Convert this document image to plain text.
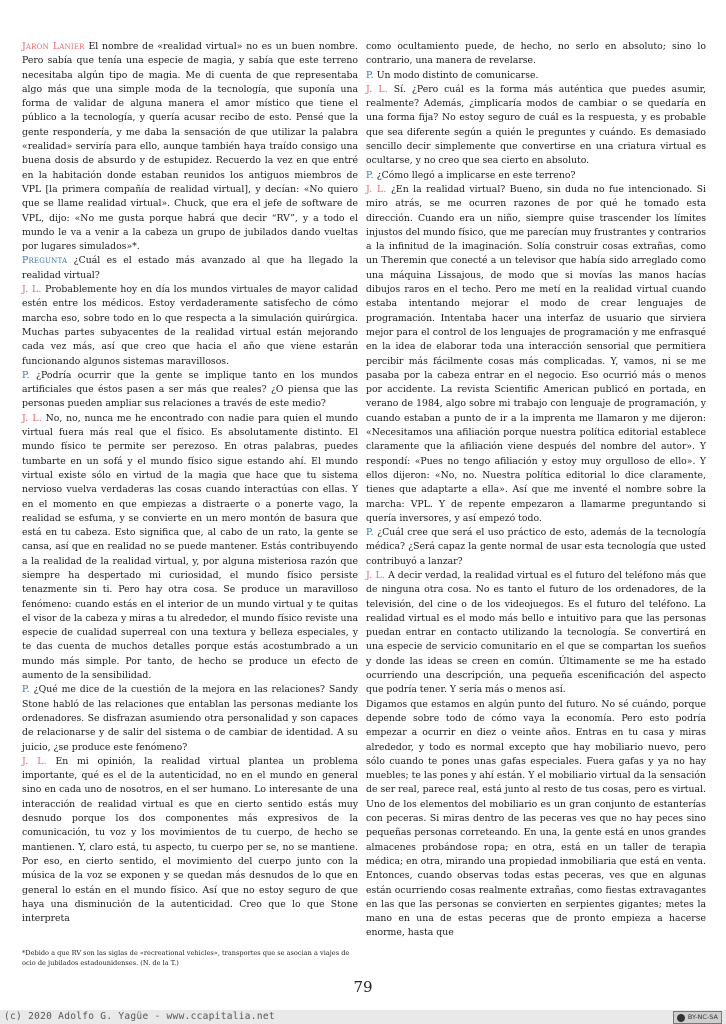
Jaron Lanier El nombre de «realidad virtual» no es un buen nombre. Pero sabía que tenía una especie de magia, y sabía que este terreno necesitaba algún tipo de magia. Me di cuenta de que representaba algo más que una simple moda de la tecnología, que suponía una forma de validar de alguna manera el amor místico que tiene el público a la tecnología, y quería acusar recibo de esto. Pensé que la gente respondería, y me daba la sensación de que utilizar la palabra «realidad» serviría para ello, aunque también haya traído consigo una buena dosis de absurdo y de estupidez. Recuerdo la vez en que entré en la habitación donde estaban reunidos los antiguos miembros de VPL [la primera compañía de realidad virtual], y decían: «No quiero que se llame realidad virtual». Chuck, que era el jefe de software de VPL, dijo: «No me gusta porque habrá que decir “RV”, y a todo el mundo le va a venir a la cabeza un grupo de jubilados dando vueltas por lugares simulados»*.

Pregunta ¿Cuál es el estado más avanzado al que ha llegado la realidad virtual?

J. L. Probablemente hoy en día los mundos virtuales de mayor calidad estén entre los médicos. Estoy verdaderamente satisfecho de cómo marcha eso, sobre todo en lo que respecta a la simulación quirúrgica. Muchas partes subyacentes de la realidad virtual están mejorando cada vez más, así que creo que hacia el año que viene estarán funcionando algunos sistemas maravillosos.

P. ¿Podría ocurrir que la gente se implique tanto en los mundos artificiales que éstos pasen a ser más que reales? ¿O piensa que las personas pueden ampliar sus relaciones a través de este medio?

J. L. No, no, nunca me he encontrado con nadie para quien el mundo virtual fuera más real que el físico. Es absolutamente distinto. El mundo físico te permite ser perezoso. En otras palabras, puedes tumbarte en un sofá y el mundo físico sigue estando ahí. El mundo virtual existe sólo en virtud de la magia que hace que tu sistema nervioso vuelva verdaderas las cosas cuando interactúas con ellas. Y en el momento en que empiezas a distraerte o a ponerte vago, la realidad se esfuma, y se convierte en un mero montón de basura que está en tu cabeza. Esto significa que, al cabo de un rato, la gente se cansa, así que en realidad no se puede mantener. Estás contribuyendo a la realidad de la realidad virtual, y, por alguna misteriosa razón que siempre ha despertado mi curiosidad, el mundo físico persiste tenazmente sin ti. Pero hay otra cosa. Se produce un maravilloso fenómeno: cuando estás en el interior de un mundo virtual y te quitas el visor de la cabeza y miras a tu alrededor, el mundo físico reviste una especie de cualidad superreal con una textura y belleza especiales, y te das cuenta de muchos detalles porque estás acostumbrado a un mundo más simple. Por tanto, de hecho se produce un efecto de aumento de la sensibilidad.

P. ¿Qué me dice de la cuestión de la mejora en las relaciones? Sandy Stone habló de las relaciones que entablan las personas mediante los ordenadores. Se disfrazan asumiendo otra personalidad y son capaces de relacionarse y de salir del sistema o de cambiar de identidad. A su juicio, ¿se produce este fenómeno?

J. L. En mi opinión, la realidad virtual plantea un problema importante, qué es el de la autenticidad, no en el mundo en general sino en cada uno de nosotros, en el ser humano. Lo interesante de una interacción de realidad virtual es que en cierto sentido estás muy desnudo porque los dos componentes más expresivos de la comunicación, tu voz y los movimientos de tu cuerpo, de hecho se mantienen. Y, claro está, tu aspecto, tu cuerpo per se, no se mantiene. Por eso, en cierto sentido, el movimiento del cuerpo junto con la música de la voz se exponen y se quedan más desnudos de lo que en general lo están en el mundo físico. Así que no estoy seguro de que haya una disminución de la autenticidad. Creo que lo que Stone interpreta

como ocultamiento puede, de hecho, no serlo en absoluto; sino lo contrario, una manera de revelarse.

P. Un modo distinto de comunicarse.

J. L. Sí. ¿Pero cuál es la forma más auténtica que puedes asumir, realmente? Además, ¿implicaría modos de cambiar o se quedaría en una forma fija? No estoy seguro de cuál es la respuesta, y es probable que sea diferente según a quién le preguntes y cuándo. Es demasiado sencillo decir simplemente que convertirse en una criatura virtual es ocultarse, y no creo que sea cierto en absoluto.

P. ¿Cómo llegó a implicarse en este terreno?

J. L. ¿En la realidad virtual? Bueno, sin duda no fue intencionado. Si miro atrás, se me ocurren razones de por qué he tomado esta dirección. Cuando era un niño, siempre quise trascender los límites injustos del mundo físico, que me parecían muy frustrantes y contrarios a la infinitud de la imaginación. Solía construir cosas extrañas, como un Theremin que conecté a un televisor que había sido arreglado como una máquina Lissajous, de modo que si movías las manos hacías dibujos raros en el techo. Pero me metí en la realidad virtual cuando estaba intentando mejorar el modo de crear lenguajes de programación. Intentaba hacer una interfaz de usuario que sirviera mejor para el control de los lenguajes de programación y me enfrasqué en la idea de elaborar toda una interacción sensorial que permitiera percibir más fácilmente cosas más complicadas. Y, vamos, ni se me pasaba por la cabeza entrar en el negocio. Eso ocurrió más o menos por accidente. La revista Scientific American publicó en portada, en verano de 1984, algo sobre mi trabajo con lenguaje de programación, y cuando estaban a punto de ir a la imprenta me llamaron y me dijeron: «Necesitamos una afiliación porque nuestra política editorial establece claramente que la afiliación viene después del nombre del autor». Y respondí: «Pues no tengo afiliación y estoy muy orgulloso de ello». Y ellos dijeron: «No, no. Nuestra política editorial lo dice claramente, tienes que adaptarte a ella». Así que me inventé el nombre sobre la marcha: VPL. Y de repente empezaron a llamarme preguntando si quería inversores, y así empezó todo.

P. ¿Cuál cree que será el uso práctico de esto, además de la tecnología médica? ¿Será capaz la gente normal de usar esta tecnología que usted contribuyó a lanzar?

J. L. A decir verdad, la realidad virtual es el futuro del teléfono más que de ninguna otra cosa. No es tanto el futuro de los ordenadores, de la televisión, del cine o de los videojuegos. Es el futuro del teléfono. La realidad virtual es el modo más bello e intuitivo para que las personas puedan entrar en contacto utilizando la tecnología. Se convertirá en una especie de servicio comunitario en el que se compartan los sueños y donde las ideas se creen en común. Últimamente se me ha estado ocurriendo una descripción, una pequeña escenificación del aspecto que podría tener. Y sería más o menos así.

Digamos que estamos en algún punto del futuro. No sé cuándo, porque depende sobre todo de cómo vaya la economía. Pero esto podría empezar a ocurrir en diez o veinte años. Entras en tu casa y miras alrededor, y todo es normal excepto que hay mobiliario nuevo, pero sólo cuando te pones unas gafas especiales. Fuera gafas y ya no hay muebles; te las pones y ahí están. Y el mobiliario virtual da la sensación de ser real, parece real, está junto al resto de tus cosas, pero es virtual. Uno de los elementos del mobiliario es un gran conjunto de estanterías con peceras. Si miras dentro de las peceras ves que no hay peces sino pequeñas personas correteando. En una, la gente está en unos grandes almacenes probándose ropa; en otra, está en un taller de terapia médica; en otra, mirando una propiedad inmobiliaria que está en venta. Entonces, cuando observas todas estas peceras, ves que en algunas están ocurriendo cosas realmente extrañas, como fiestas extravagantes en las que las personas se convierten en serpientes gigantes; metes la mano en una de estas peceras que de pronto empieza a hacerse enorme, hasta que

*Debido a que RV son las siglas de «recreational vehicles», transportes que se asocian a viajes de ocio de jubilados estadounidenses. (N. de la T.)
79
(c) 2020 Adolfo G. Yagüe - www.ccapitalia.net	BY-NC-SA
